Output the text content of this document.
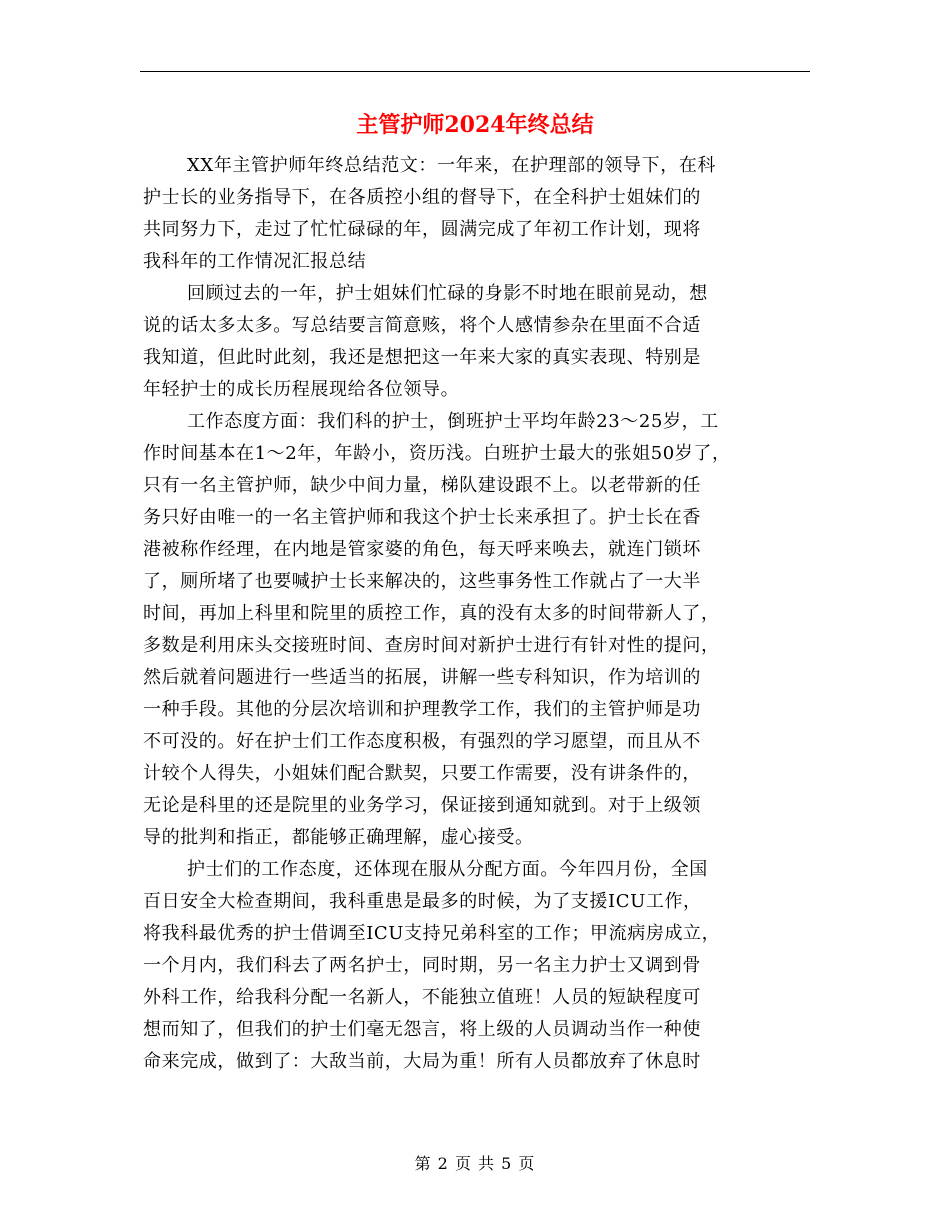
主管护师2024年终总结
XX年主管护师年终总结范文：一年来，在护理部的领导下，在科
护士长的业务指导下，在各质控小组的督导下，在全科护士姐妹们的
共同努力下，走过了忙忙碌碌的年，圆满完成了年初工作计划，现将
我科年的工作情况汇报总结
回顾过去的一年，护士姐妹们忙碌的身影不时地在眼前晃动，想
说的话太多太多。写总结要言简意赅，将个人感情参杂在里面不合适
我知道，但此时此刻，我还是想把这一年来大家的真实表现、特别是
年轻护士的成长历程展现给各位领导。
工作态度方面：我们科的护士，倒班护士平均年龄23～25岁，工
作时间基本在1～2年，年龄小，资历浅。白班护士最大的张姐50岁了，
只有一名主管护师，缺少中间力量，梯队建设跟不上。以老带新的任
务只好由唯一的一名主管护师和我这个护士长来承担了。护士长在香
港被称作经理，在内地是管家婆的角色，每天呼来唤去，就连门锁坏
了，厕所堵了也要喊护士长来解决的，这些事务性工作就占了一大半
时间，再加上科里和院里的质控工作，真的没有太多的时间带新人了，
多数是利用床头交接班时间、查房时间对新护士进行有针对性的提问，
然后就着问题进行一些适当的拓展，讲解一些专科知识，作为培训的
一种手段。其他的分层次培训和护理教学工作，我们的主管护师是功
不可没的。好在护士们工作态度积极，有强烈的学习愿望，而且从不
计较个人得失，小姐妹们配合默契，只要工作需要，没有讲条件的，
无论是科里的还是院里的业务学习，保证接到通知就到。对于上级领
导的批判和指正，都能够正确理解，虚心接受。
护士们的工作态度，还体现在服从分配方面。今年四月份，全国
百日安全大检查期间，我科重患是最多的时候，为了支援ICU工作，
将我科最优秀的护士借调至ICU支持兄弟科室的工作；甲流病房成立，
一个月内，我们科去了两名护士，同时期，另一名主力护士又调到骨
外科工作，给我科分配一名新人，不能独立值班！人员的短缺程度可
想而知了，但我们的护士们毫无怨言，将上级的人员调动当作一种使
命来完成，做到了：大敌当前，大局为重！所有人员都放弃了休息时
第 2 页 共 5 页
